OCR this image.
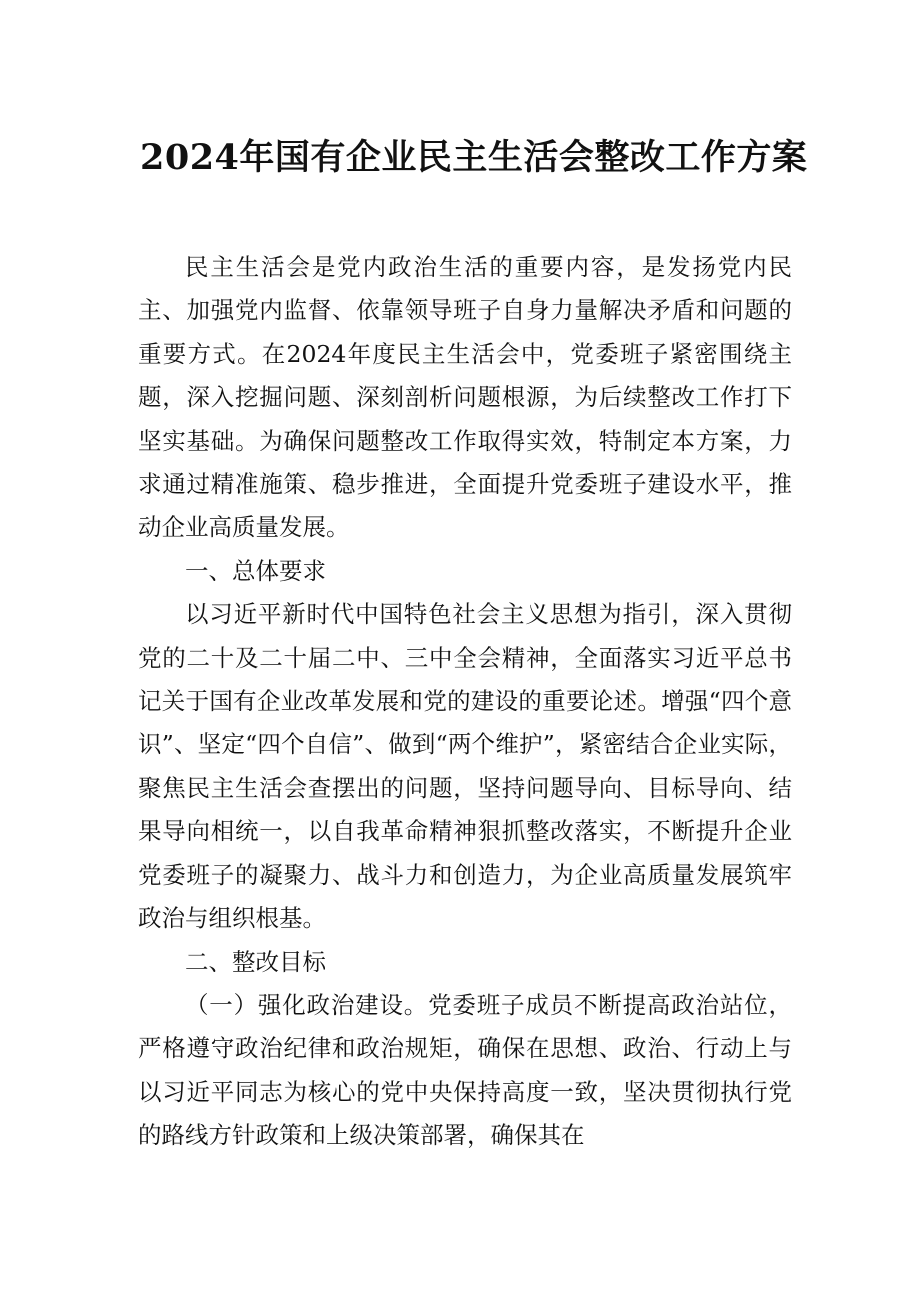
2024年国有企业民主生活会整改工作方案

民主生活会是党内政治生活的重要内容，是发扬党内民主、加强党内监督、依靠领导班子自身力量解决矛盾和问题的重要方式。在2024年度民主生活会中，党委班子紧密围绕主题，深入挖掘问题、深刻剖析问题根源，为后续整改工作打下坚实基础。为确保问题整改工作取得实效，特制定本方案，力求通过精准施策、稳步推进，全面提升党委班子建设水平，推动企业高质量发展。

一、总体要求

以习近平新时代中国特色社会主义思想为指引，深入贯彻党的二十及二十届二中、三中全会精神，全面落实习近平总书记关于国有企业改革发展和党的建设的重要论述。增强“四个意识”、坚定“四个自信”、做到“两个维护”，紧密结合企业实际，聚焦民主生活会查摆出的问题，坚持问题导向、目标导向、结果导向相统一，以自我革命精神狠抓整改落实，不断提升企业党委班子的凝聚力、战斗力和创造力，为企业高质量发展筑牢政治与组织根基。

二、整改目标

（一）强化政治建设。党委班子成员不断提高政治站位，严格遵守政治纪律和政治规矩，确保在思想、政治、行动上与以习近平同志为核心的党中央保持高度一致，坚决贯彻执行党的路线方针政策和上级决策部署，确保其在
